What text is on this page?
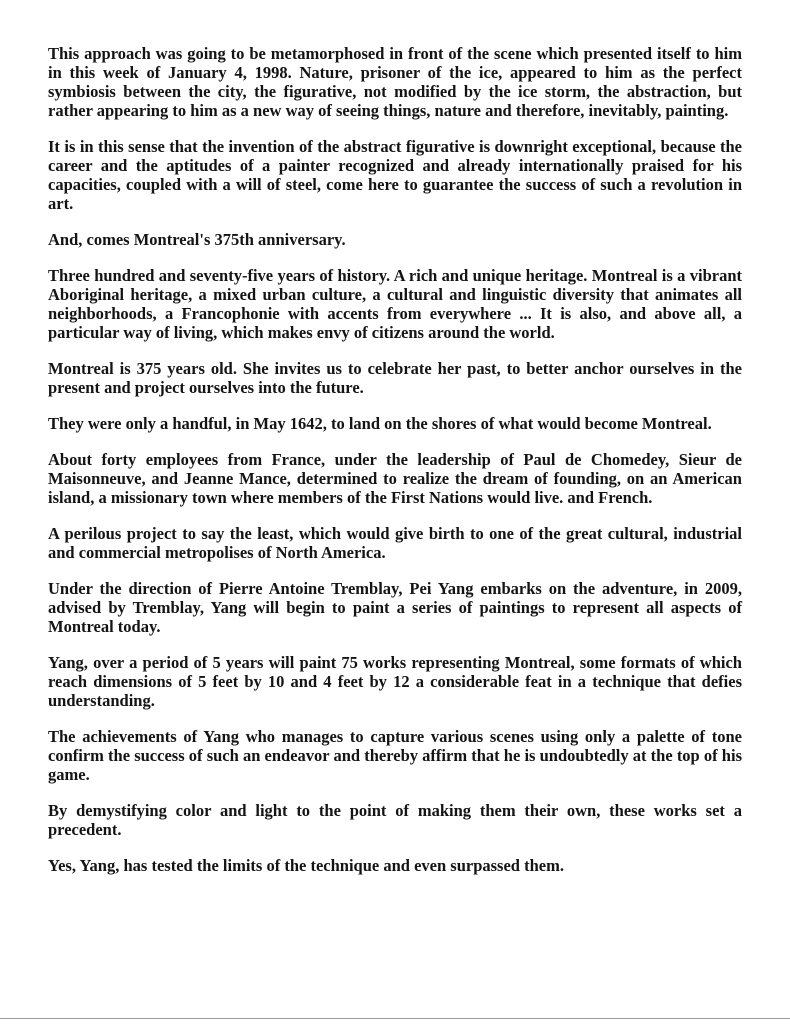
This approach was going to be metamorphosed in front of the scene which presented itself to him in this week of January 4, 1998. Nature, prisoner of the ice, appeared to him as the perfect symbiosis between the city, the figurative, not modified by the ice storm, the abstraction, but rather appearing to him as a new way of seeing things, nature and therefore, inevitably, painting.

It is in this sense that the invention of the abstract figurative is downright exceptional, because the career and the aptitudes of a painter recognized and already internationally praised for his capacities, coupled with a will of steel, come here to guarantee the success of such a revolution in art.

And, comes Montreal's 375th anniversary.

Three hundred and seventy-five years of history. A rich and unique heritage. Montreal is a vibrant Aboriginal heritage, a mixed urban culture, a cultural and linguistic diversity that animates all neighborhoods, a Francophonie with accents from everywhere ... It is also, and above all, a particular way of living, which makes envy of citizens around the world.

Montreal is 375 years old. She invites us to celebrate her past, to better anchor ourselves in the present and project ourselves into the future.

They were only a handful, in May 1642, to land on the shores of what would become Montreal.

About forty employees from France, under the leadership of Paul de Chomedey, Sieur de Maisonneuve, and Jeanne Mance, determined to realize the dream of founding, on an American island, a missionary town where members of the First Nations would live. and French.

A perilous project to say the least, which would give birth to one of the great cultural, industrial and commercial metropolises of North America.

Under the direction of Pierre Antoine Tremblay, Pei Yang embarks on the adventure, in 2009, advised by Tremblay, Yang will begin to paint a series of paintings to represent all aspects of Montreal today.

Yang, over a period of 5 years will paint 75 works representing Montreal, some formats of which reach dimensions of 5 feet by 10 and 4 feet by 12 a considerable feat in a technique that defies understanding.

The achievements of Yang who manages to capture various scenes using only a palette of tone confirm the success of such an endeavor and thereby affirm that he is undoubtedly at the top of his game.

By demystifying color and light to the point of making them their own, these works set a precedent.

Yes, Yang, has tested the limits of the technique and even surpassed them.
